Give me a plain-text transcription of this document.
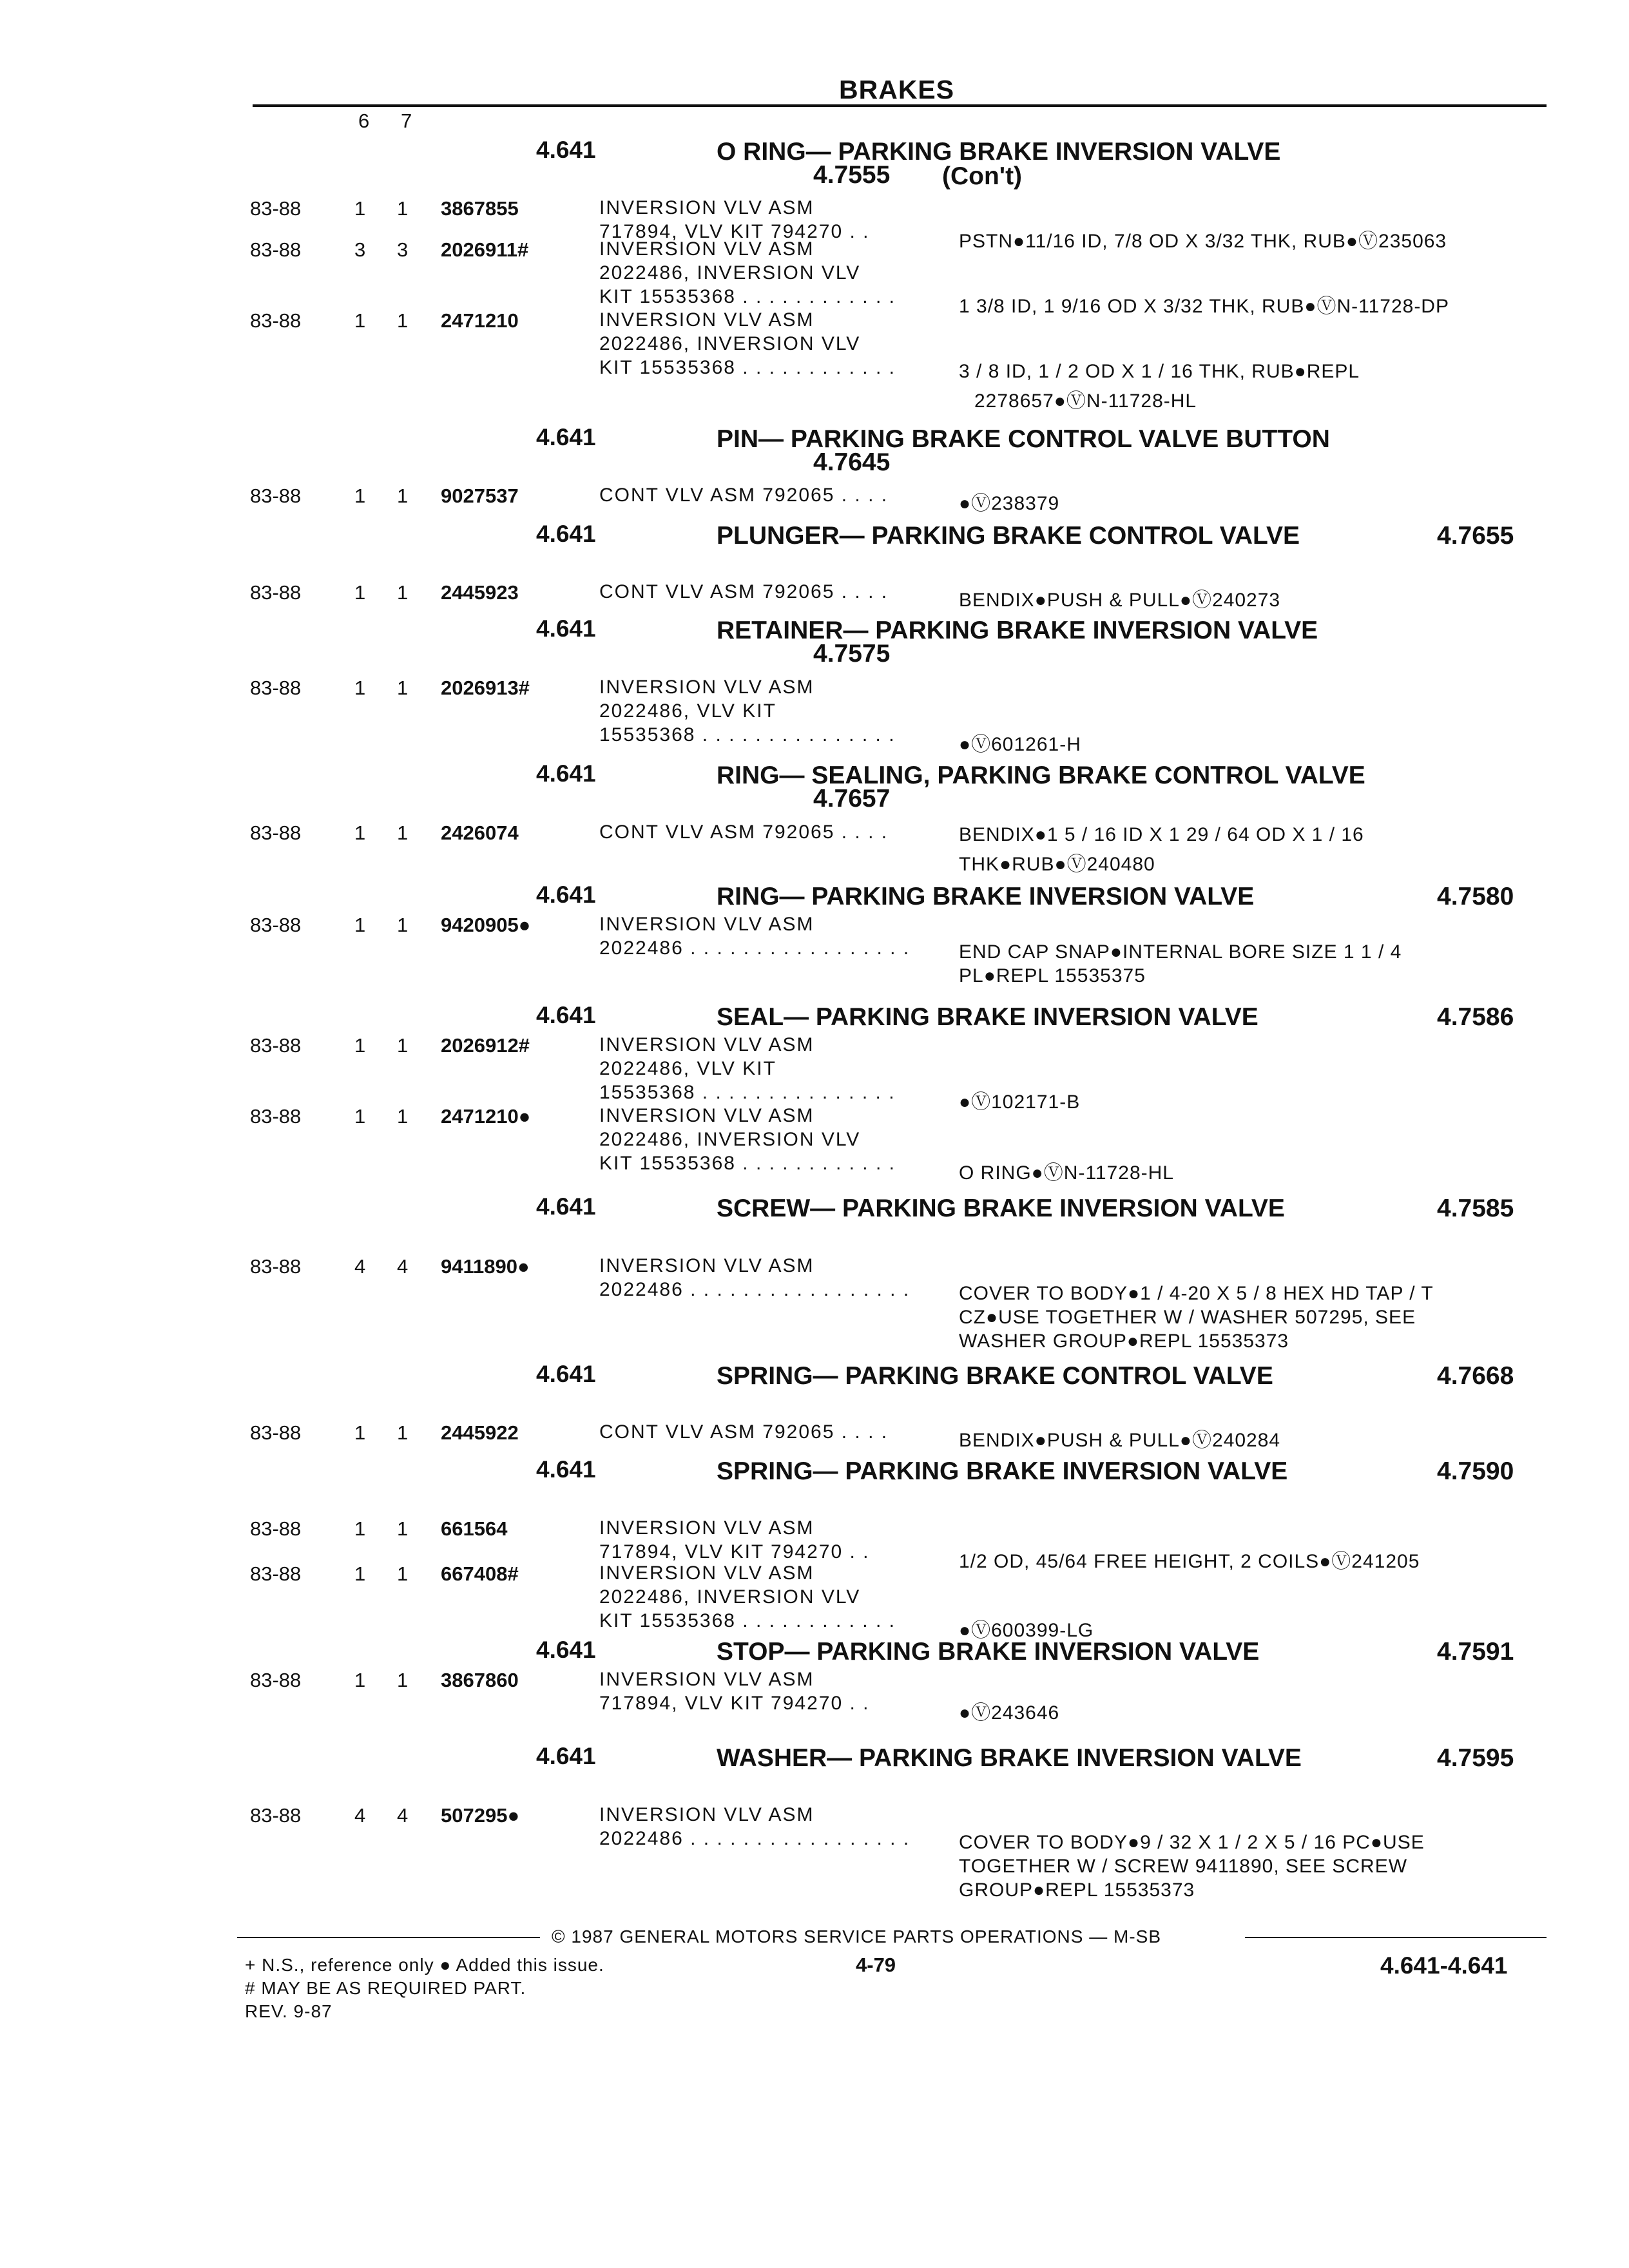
BRAKES
6 7
4.641	O RING— PARKING BRAKE INVERSION VALVE
4.7555 (Con't)
83-88	1 1 3867855	INVERSION VLV ASM
717894, VLV KIT 794270 . .	PSTN●11/16 ID, 7/8 OD X 3/32 THK, RUB●Ⓥ235063
83-88	3 3 2026911#	INVERSION VLV ASM
2022486, INVERSION VLV
KIT 15535368 . . . . . . . . . . . .	1 3/8 ID, 1 9/16 OD X 3/32 THK, RUB●ⓋN-11728-DP
83-88	1 1 2471210	INVERSION VLV ASM
2022486, INVERSION VLV
KIT 15535368 . . . . . . . . . . . .	3 / 8 ID, 1 / 2 OD X 1 / 16 THK, RUB●REPL
2278657●ⓋN-11728-HL
4.641	PIN— PARKING BRAKE CONTROL VALVE BUTTON
4.7645
83-88	1 1 9027537	CONT VLV ASM 792065 . . . .	●Ⓥ238379
4.641	PLUNGER— PARKING BRAKE CONTROL VALVE	4.7655
83-88	1 1 2445923	CONT VLV ASM 792065 . . . .	BENDIX●PUSH & PULL●Ⓥ240273
4.641	RETAINER— PARKING BRAKE INVERSION VALVE
4.7575
83-88	1 1 2026913#	INVERSION VLV ASM
2022486, VLV KIT
15535368 . . . . . . . . . . . . . . .	●Ⓥ601261-H
4.641	RING— SEALING, PARKING BRAKE CONTROL VALVE
4.7657
83-88	1 1 2426074	CONT VLV ASM 792065 . . . .	BENDIX●1 5 / 16 ID X 1 29 / 64 OD X 1 / 16
THK●RUB●Ⓥ240480
4.641	RING— PARKING BRAKE INVERSION VALVE	4.7580
83-88	1 1 9420905●	INVERSION VLV ASM
2022486 . . . . . . . . . . . . . . . . .	END CAP SNAP●INTERNAL BORE SIZE 1 1 / 4
PL●REPL 15535375
4.641	SEAL— PARKING BRAKE INVERSION VALVE	4.7586
83-88	1 1 2026912#	INVERSION VLV ASM
2022486, VLV KIT
15535368 . . . . . . . . . . . . . . .	●Ⓥ102171-B
83-88	1 1 2471210●	INVERSION VLV ASM
2022486, INVERSION VLV
KIT 15535368 . . . . . . . . . . . .	O RING●ⓋN-11728-HL
4.641	SCREW— PARKING BRAKE INVERSION VALVE	4.7585
83-88	4 4 9411890●	INVERSION VLV ASM
2022486 . . . . . . . . . . . . . . . . .	COVER TO BODY●1 / 4-20 X 5 / 8 HEX HD TAP / T
CZ●USE TOGETHER W / WASHER 507295, SEE
WASHER GROUP●REPL 15535373
4.641	SPRING— PARKING BRAKE CONTROL VALVE	4.7668
83-88	1 1 2445922	CONT VLV ASM 792065 . . . .	BENDIX●PUSH & PULL●Ⓥ240284
4.641	SPRING— PARKING BRAKE INVERSION VALVE	4.7590
83-88	1 1 661564	INVERSION VLV ASM
717894, VLV KIT 794270 . .	1/2 OD, 45/64 FREE HEIGHT, 2 COILS●Ⓥ241205
83-88	1 1 667408#	INVERSION VLV ASM
2022486, INVERSION VLV
KIT 15535368 . . . . . . . . . . . .	●Ⓥ600399-LG
4.641	STOP— PARKING BRAKE INVERSION VALVE	4.7591
83-88	1 1 3867860	INVERSION VLV ASM
717894, VLV KIT 794270 . .	●Ⓥ243646
4.641	WASHER— PARKING BRAKE INVERSION VALVE	4.7595
83-88	4 4 507295●	INVERSION VLV ASM
2022486 . . . . . . . . . . . . . . . . .	COVER TO BODY●9 / 32 X 1 / 2 X 5 / 16 PC●USE
TOGETHER W / SCREW 9411890, SEE SCREW
GROUP●REPL 15535373
© 1987 GENERAL MOTORS SERVICE PARTS OPERATIONS — M-SB
+ N.S., reference only ● Added this issue.	4-79	4.641-4.641
# MAY BE AS REQUIRED PART.
REV. 9-87
